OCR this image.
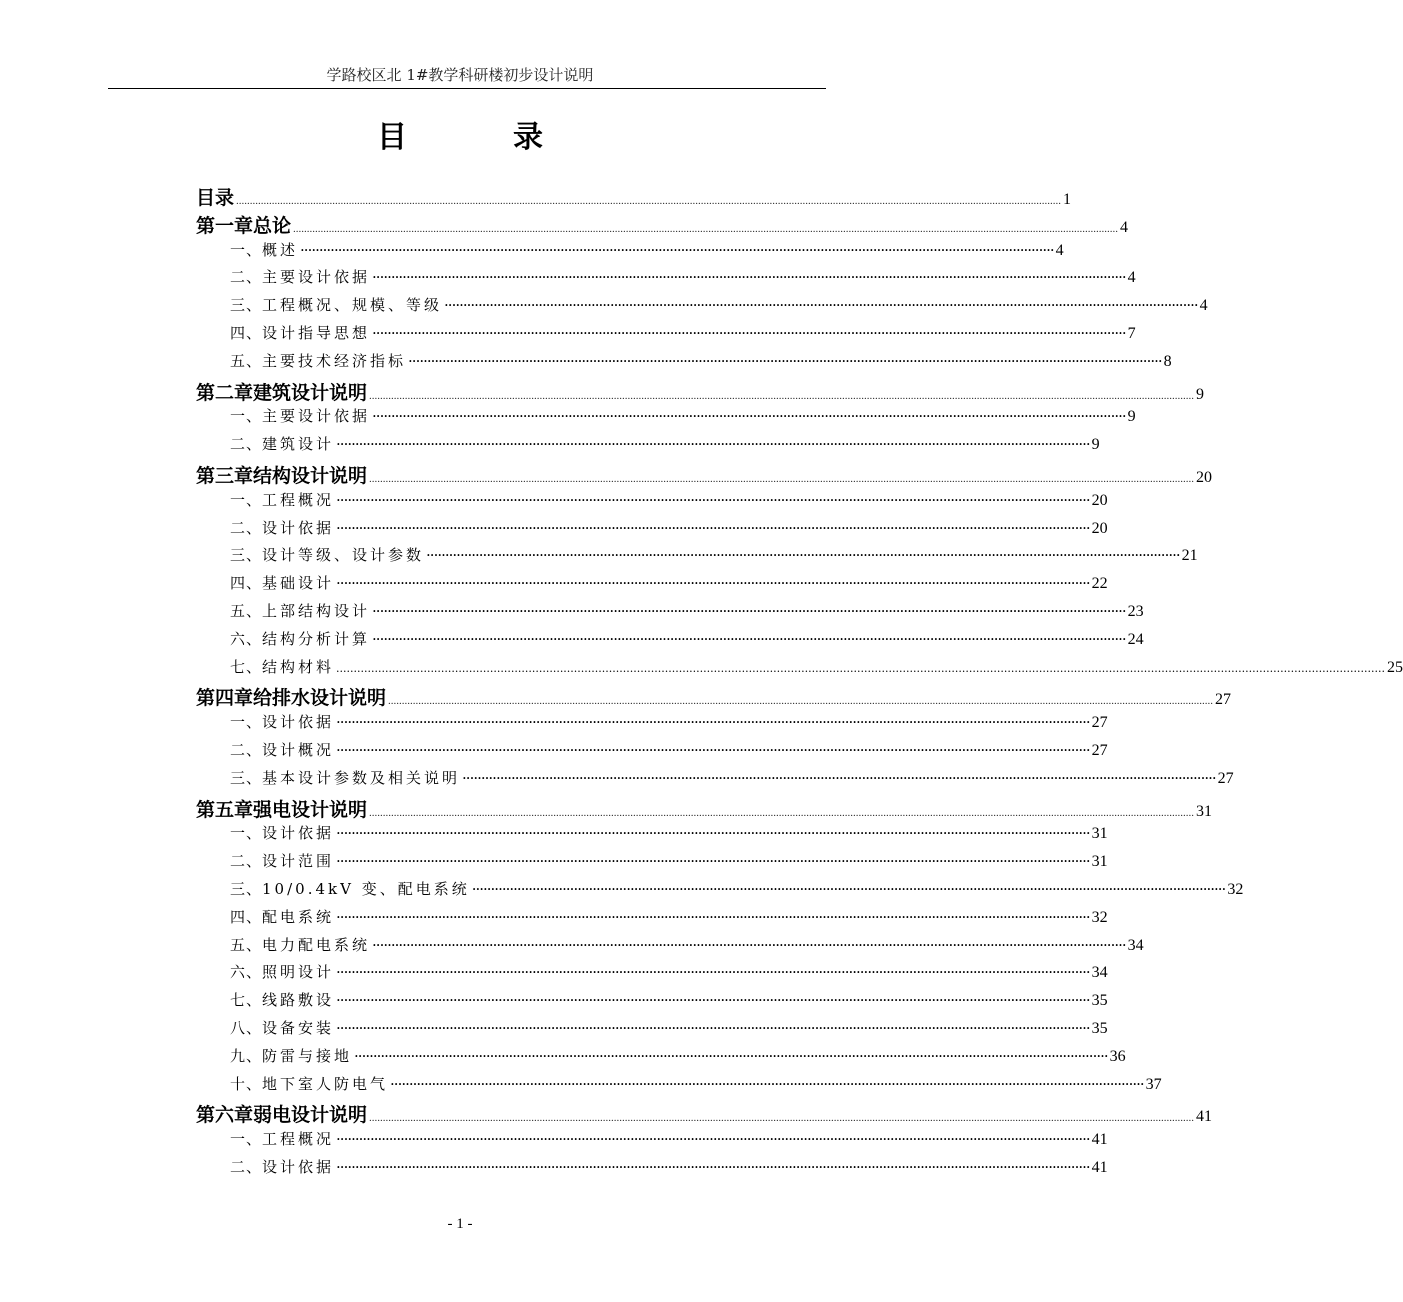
学路校区北 1#教学科研楼初步设计说明
目　录
目录 ............................................................................................................................................................................................................................................................................................................ 1
第一章 总论 ............................................................................................................................................................................................................................................................................................................ 4
一、 概述 ········································································································································································································ 4
二、 主要设计依据 ········································································································································································································ 4
三、 工程概况、规模、等级 ········································································································································································································ 4
四、 设计指导思想 ········································································································································································································ 7
五、 主要技术经济指标 ········································································································································································································ 8
第二章 建筑设计说明 ............................................................................................................................................................................................................................................................................................................ 9
一、 主要设计依据 ········································································································································································································ 9
二、 建筑设计 ········································································································································································································ 9
第三章 结构设计说明 ............................................................................................................................................................................................................................................................................................................ 20
一、 工程概况 ········································································································································································································ 20
二、 设计依据 ········································································································································································································ 20
三、 设计等级、设计参数 ········································································································································································································ 21
四、 基础设计 ········································································································································································································ 22
五、 上部结构设计 ········································································································································································································ 23
六、 结构分析计算 ········································································································································································································ 24
七、 结构材料 ............................................................................................................................................................................................................................................................................................................ 25
第四章 给排水设计说明 ............................................................................................................................................................................................................................................................................................................ 27
一、 设计依据 ········································································································································································································ 27
二、 设计概况 ········································································································································································································ 27
三、 基本设计参数及相关说明 ········································································································································································································ 27
第五章 强电设计说明 ............................................................................................................................................................................................................................................................................................................ 31
一、 设计依据 ········································································································································································································ 31
二、 设计范围 ········································································································································································································ 31
三、 10/0.4kV 变、配电系统 ········································································································································································································ 32
四、 配电系统 ········································································································································································································ 32
五、 电力配电系统 ········································································································································································································ 34
六、 照明设计 ········································································································································································································ 34
七、 线路敷设 ········································································································································································································ 35
八、 设备安装 ········································································································································································································ 35
九、 防雷与接地 ········································································································································································································ 36
十、 地下室人防电气 ········································································································································································································ 37
第六章 弱电设计说明 ............................................................................................................................................................................................................................................................................................................ 41
一、 工程概况 ········································································································································································································ 41
二、 设计依据 ········································································································································································································ 41
- 1 -
